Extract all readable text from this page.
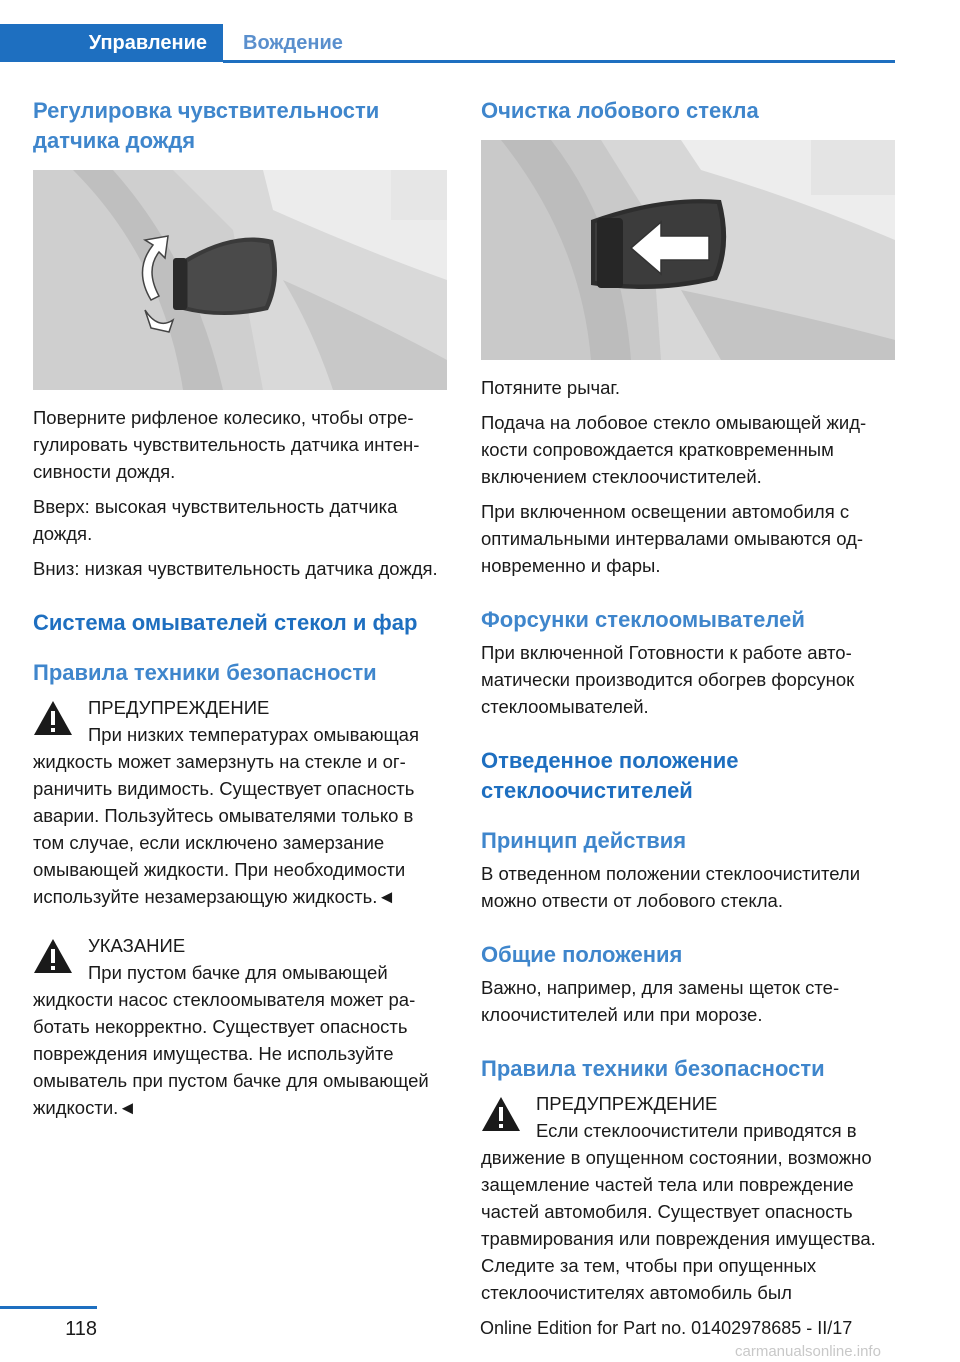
Управление	Вождение
Регулировка чувствительности датчика дождя

Поверните рифленое колесико, чтобы отрегулировать чувствительность датчика интенсивности дождя.

Вверх: высокая чувствительность датчика дождя.

Вниз: низкая чувствительность датчика дождя.

Система омывателей стекол и фар
Правила техники безопасности
ПРЕДУПРЕЖДЕНИЕ
При низких температурах омывающая

жидкость может замерзнуть на стекле и ограничить видимость. Существует опасность аварии. Пользуйтесь омывателями только в том случае, если исключено замерзание омывающей жидкости. При необходимости используйте незамерзающую жидкость.◄

УКАЗАНИЕ
При пустом бачке для омывающей

жидкости насос стеклоомывателя может работать некорректно. Существует опасность повреждения имущества. Не используйте омыватель при пустом бачке для омывающей жидкости.◄

Очистка лобового стекла

Потяните рычаг.

Подача на лобовое стекло омывающей жидкости сопровождается кратковременным включением стеклоочистителей.

При включенном освещении автомобиля с оптимальными интервалами омываются одновременно и фары.

Форсунки стеклоомывателей

При включенной Готовности к работе автоматически производится обогрев форсунок стеклоомывателей.

Отведенное положение стеклоочистителей
Принцип действия

В отведенном положении стеклоочистители можно отвести от лобового стекла.

Общие положения

Важно, например, для замены щеток стеклоочистителей или при морозе.

Правила техники безопасности
ПРЕДУПРЕЖДЕНИЕ
Если стеклоочистители приводятся в

движение в опущенном состоянии, возможно защемление частей тела или повреждение частей автомобиля. Существует опасность травмирования или повреждения имущества. Следите за тем, чтобы при опущенных стеклоочистителях автомобиль был

118	Online Edition for Part no. 01402978685 - II/17
carmanualsonline.info
